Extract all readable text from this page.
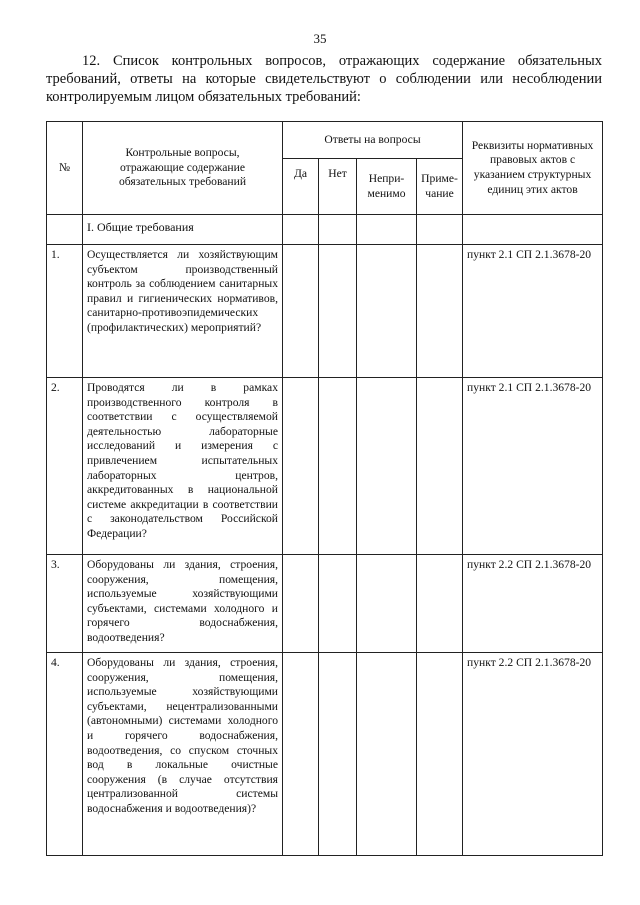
35
12. Список контрольных вопросов, отражающих содержание обязательных требований, ответы на которые свидетельствуют о соблюдении или несоблюдении контролируемым лицом обязательных требований:
№	Контрольные вопросы, отражающие содержание обязательных требований	Ответы на вопросы				Реквизиты нормативных правовых актов с указанием структурных единиц этих актов
		Да	Нет	Непри-менимо	Приме-чание	
	I. Общие требования					
1.	Осуществляется ли хозяйствующим субъектом производственный контроль за соблюдением санитарных правил и гигиенических нормативов, санитарно-противоэпидемических (профилактических) мероприятий?					пункт 2.1 СП 2.1.3678-20
2.	Проводятся ли в рамках производственного контроля в соответствии с осуществляемой деятельностью лабораторные исследований и измерения с привлечением испытательных лабораторных центров, аккредитованных в национальной системе аккредитации в соответствии с законодательством Российской Федерации?					пункт 2.1 СП 2.1.3678-20
3.	Оборудованы ли здания, строения, сооружения, помещения, используемые хозяйствующими субъектами, системами холодного и горячего водоснабжения, водоотведения?					пункт 2.2 СП 2.1.3678-20
4.	Оборудованы ли здания, строения, сооружения, помещения, используемые хозяйствующими субъектами, нецентрализованными (автономными) системами холодного и горячего водоснабжения, водоотведения, со спуском сточных вод в локальные очистные сооружения (в случае отсутствия централизованной системы водоснабжения и водоотведения)?					пункт 2.2 СП 2.1.3678-20
